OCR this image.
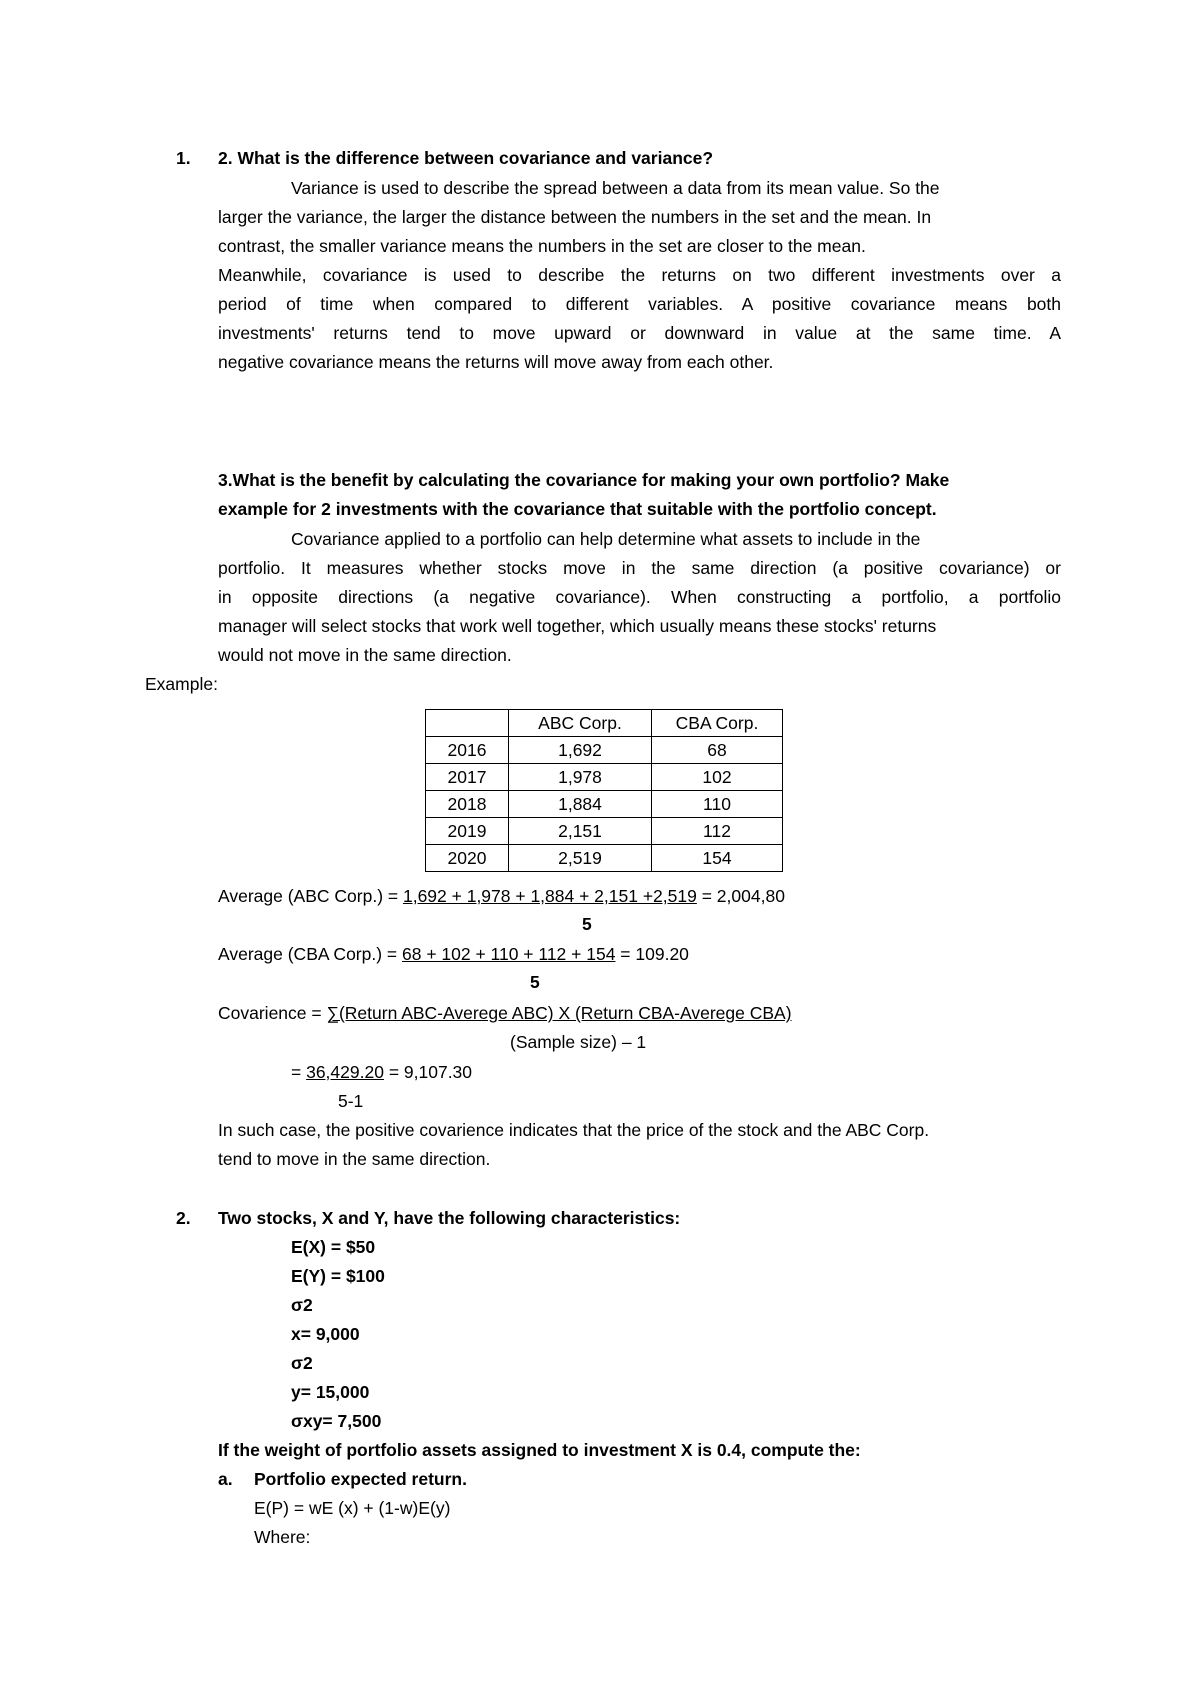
1. 2. What is the difference between covariance and variance?
Variance is used to describe the spread between a data from its mean value. So the
larger the variance, the larger the distance between the numbers in the set and the mean. In
contrast, the smaller variance means the numbers in the set are closer to the mean.
Meanwhile, covariance is used to describe the returns on two different investments over a
period of time when compared to different variables. A positive covariance means both
investments' returns tend to move upward or downward in value at the same time. A
negative covariance means the returns will move away from each other.
3.What is the benefit by calculating the covariance for making your own portfolio? Make
example for 2 investments with the covariance that suitable with the portfolio concept.
Covariance applied to a portfolio can help determine what assets to include in the
portfolio. It measures whether stocks move in the same direction (a positive covariance) or
in opposite directions (a negative covariance). When constructing a portfolio, a portfolio
manager will select stocks that work well together, which usually means these stocks' returns
would not move in the same direction.
Example:
	ABC Corp.	CBA Corp.
2016	1,692	68
2017	1,978	102
2018	1,884	110
2019	2,151	112
2020	2,519	154
Average (ABC Corp.) = 1,692 + 1,978 + 1,884 + 2,151 +2,519 = 2,004,80
5
Average (CBA Corp.) = 68 + 102 + 110 + 112 + 154 = 109.20
5
Covarience = ∑(Return ABC-Averege ABC) X (Return CBA-Averege CBA)
(Sample size) – 1
= 36,429.20 = 9,107.30
5-1
In such case, the positive covarience indicates that the price of the stock and the ABC Corp.
tend to move in the same direction.
2. Two stocks, X and Y, have the following characteristics:
E(X) = $50
E(Y) = $100
σ2
x= 9,000
σ2
y= 15,000
σxy= 7,500
If the weight of portfolio assets assigned to investment X is 0.4, compute the:
a. Portfolio expected return.
E(P) = wE (x) + (1-w)E(y)
Where:
